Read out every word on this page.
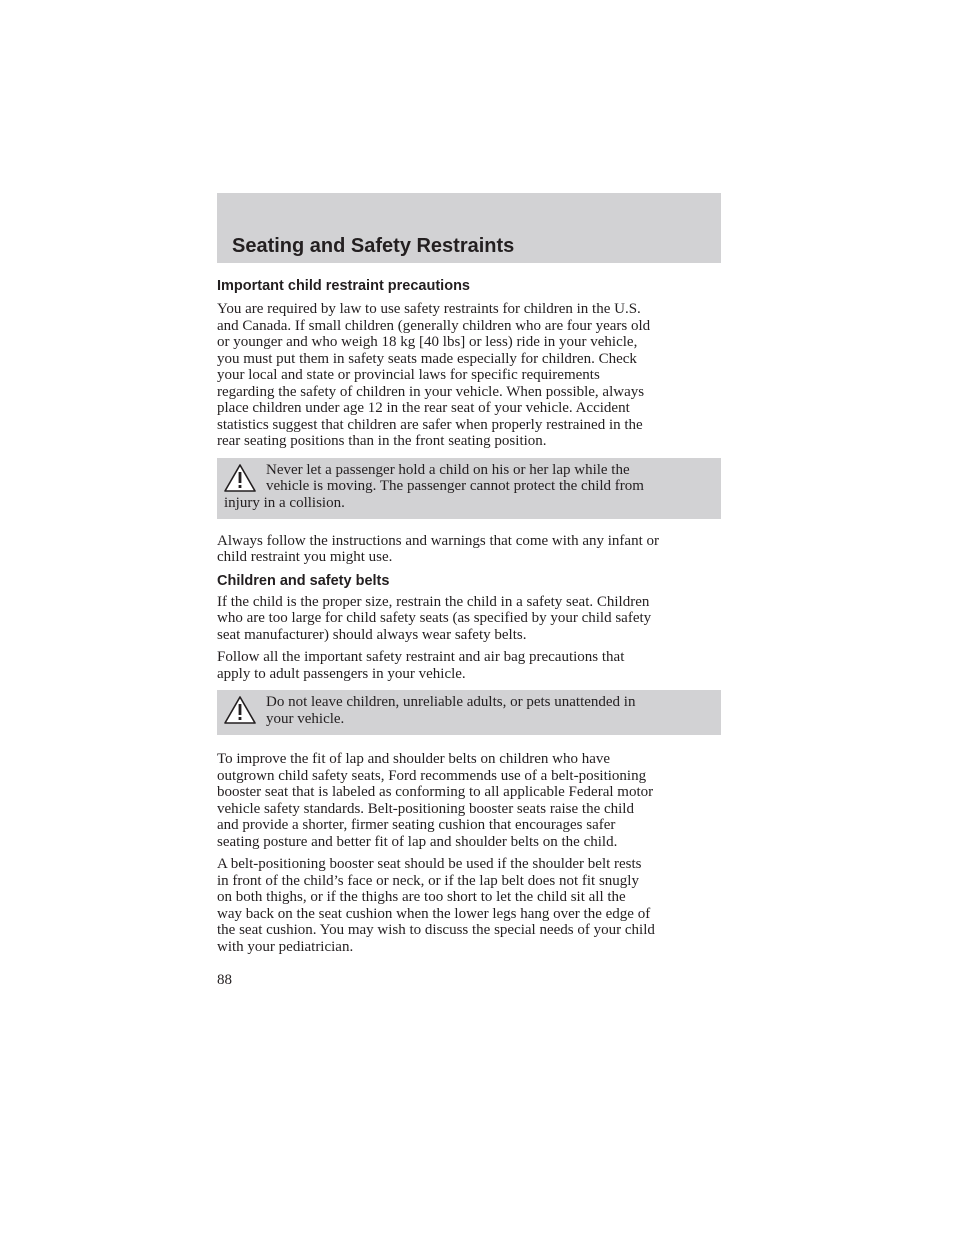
Seating and Safety Restraints
Important child restraint precautions
You are required by law to use safety restraints for children in the U.S.
and Canada. If small children (generally children who are four years old
or younger and who weigh 18 kg [40 lbs] or less) ride in your vehicle,
you must put them in safety seats made especially for children. Check
your local and state or provincial laws for specific requirements
regarding the safety of children in your vehicle. When possible, always
place children under age 12 in the rear seat of your vehicle. Accident
statistics suggest that children are safer when properly restrained in the
rear seating positions than in the front seating position.
Never let a passenger hold a child on his or her lap while the
vehicle is moving. The passenger cannot protect the child from
injury in a collision.
Always follow the instructions and warnings that come with any infant or
child restraint you might use.
Children and safety belts
If the child is the proper size, restrain the child in a safety seat. Children
who are too large for child safety seats (as specified by your child safety
seat manufacturer) should always wear safety belts.
Follow all the important safety restraint and air bag precautions that
apply to adult passengers in your vehicle.
Do not leave children, unreliable adults, or pets unattended in
your vehicle.
To improve the fit of lap and shoulder belts on children who have
outgrown child safety seats, Ford recommends use of a belt-positioning
booster seat that is labeled as conforming to all applicable Federal motor
vehicle safety standards. Belt-positioning booster seats raise the child
and provide a shorter, firmer seating cushion that encourages safer
seating posture and better fit of lap and shoulder belts on the child.
A belt-positioning booster seat should be used if the shoulder belt rests
in front of the child’s face or neck, or if the lap belt does not fit snugly
on both thighs, or if the thighs are too short to let the child sit all the
way back on the seat cushion when the lower legs hang over the edge of
the seat cushion. You may wish to discuss the special needs of your child
with your pediatrician.
88
